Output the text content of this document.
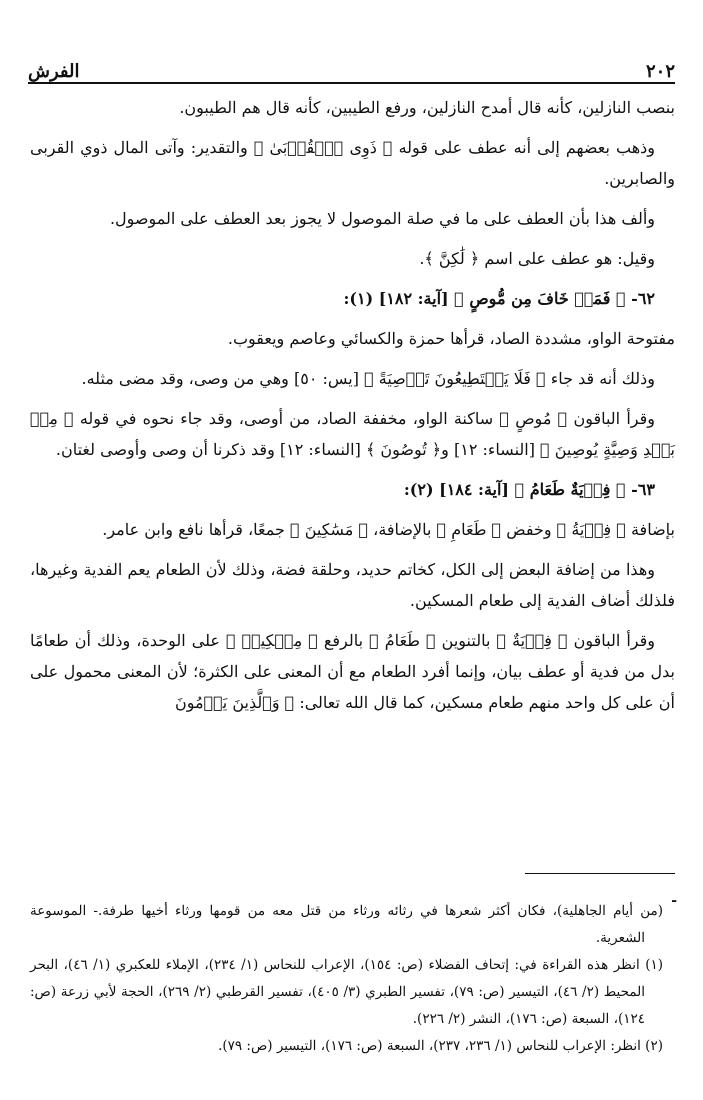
٢٠٢
الفرش

بنصب النازلين، كأنه قال أمدح النازلين، ورفع الطيبين، كأنه قال هم الطيبون.

وذهب بعضهم إلى أنه عطف على قوله ﴿ ذَوِى ٱلۡقُرۡبَىٰ ﴾ والتقدير: وآتى المال ذوي القربى والصابرين.

وألف هذا بأن العطف على ما في صلة الموصول لا يجوز بعد العطف على الموصول.

وقيل: هو عطف على اسم ﴿ لَٰكِنَّ ﴾.

٦٢- ﴿ فَمَنۡ خَافَ مِن مُّوصٍ ﴾ [آية: ١٨٢] (١):

مفتوحة الواو، مشددة الصاد، قرأها حمزة والكسائي وعاصم ويعقوب.

وذلك أنه قد جاء ﴿ فَلَا يَسۡتَطِيعُونَ تَوۡصِيَةً ﴾ [يس: ٥٠] وهي من وصى، وقد مضى مثله.

وقرأ الباقون ﴿ مُوصٍ ﴾ ساكنة الواو، مخففة الصاد، من أوصى، وقد جاء نحوه في قوله ﴿ مِنۢ بَعۡدِ وَصِيَّةٍ يُوصِينَ ﴾ [النساء: ١٢] و﴿ تُوصُونَ ﴾ [النساء: ١٢] وقد ذكرنا أن وصى وأوصى لغتان.

٦٣- ﴿ فِدۡيَةٌ طَعَامُ ﴾ [آية: ١٨٤] (٢):

بإضافة ﴿ فِدۡيَةُ ﴾ وخفض ﴿ طَعَامِ ﴾ بالإضافة، ﴿ مَسَٰكِينَ ﴾ جمعًا، قرأها نافع وابن عامر.

وهذا من إضافة البعض إلى الكل، كخاتم حديد، وحلقة فضة، وذلك لأن الطعام يعم الفدية وغيرها، فلذلك أضاف الفدية إلى طعام المسكين.

وقرأ الباقون ﴿ فِدۡيَةٌ ﴾ بالتنوين ﴿ طَعَامُ ﴾ بالرفع ﴿ مِسۡكِينٖ ﴾ على الوحدة، وذلك أن طعامًا بدل من فدية أو عطف بيان، وإنما أفرد الطعام مع أن المعنى على الكثرة؛ لأن المعنى محمول على أن على كل واحد منهم طعام مسكين، كما قال الله تعالى: ﴿ وَٱلَّذِينَ يَرۡمُونَ

-

(من أيام الجاهلية)، فكان أكثر شعرها في رثائه ورثاء من قتل معه من قومها ورثاء أخيها طرفة.- الموسوعة الشعرية.

(١) انظر هذه القراءة في: إتحاف الفضلاء (ص: ١٥٤)، الإعراب للنحاس (١/ ٢٣٤)، الإملاء للعكبري (١/ ٤٦)، البحر المحيط (٢/ ٤٦)، التيسير (ص: ٧٩)، تفسير الطبري (٣/ ٤٠٥)، تفسير القرطبي (٢/ ٢٦٩)، الحجة لأبي زرعة (ص: ١٢٤)، السبعة (ص: ١٧٦)، النشر (٢/ ٢٢٦).

(٢) انظر: الإعراب للنحاس (١/ ٢٣٦، ٢٣٧)، السبعة (ص: ١٧٦)، التيسير (ص: ٧٩).
